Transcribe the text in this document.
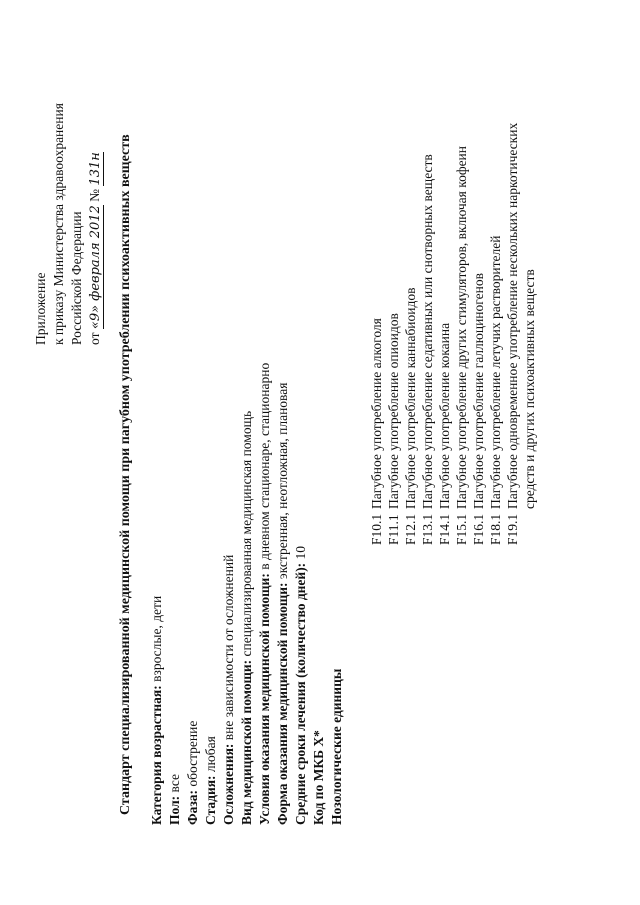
Приложение к приказу Министерства здравоохранения Российской Федерации от «9» февраля 2012 № 131н Стандарт специализированной медицинской помощи при пагубном употреблении психоактивных веществ Категория возрастная: взрослые, дети
Пол: все
Фаза: обострение
Стадия: любая Осложнения: вне зависимости от осложнений Вид медицинской помощи: специализированная медицинская помощь
Условия оказания медицинской помощи: в дневном стационаре, стационарно
Форма оказания медицинской помощи: экстренная, неотложная, плановая
Средние сроки лечения (количество дней): 10
Код по МКБ X* Нозологические единицы
F10.1
Пагубное употребление алкоголя
F11.1
Пагубное употребление опиоидов
F12.1
Пагубное употребление каннабиоидов
F13.1
Пагубное употребление седативных или снотворных веществ
F14.1
Пагубное употребление кокаина
F15.1
Пагубное употребление других стимуляторов, включая кофеин
F16.1
Пагубное употребление галлюциногенов
F18.1
Пагубное употребление летучих растворителей
F19.1
Пагубное одновременное употребление нескольких наркотических средств и других психоактивных веществ
